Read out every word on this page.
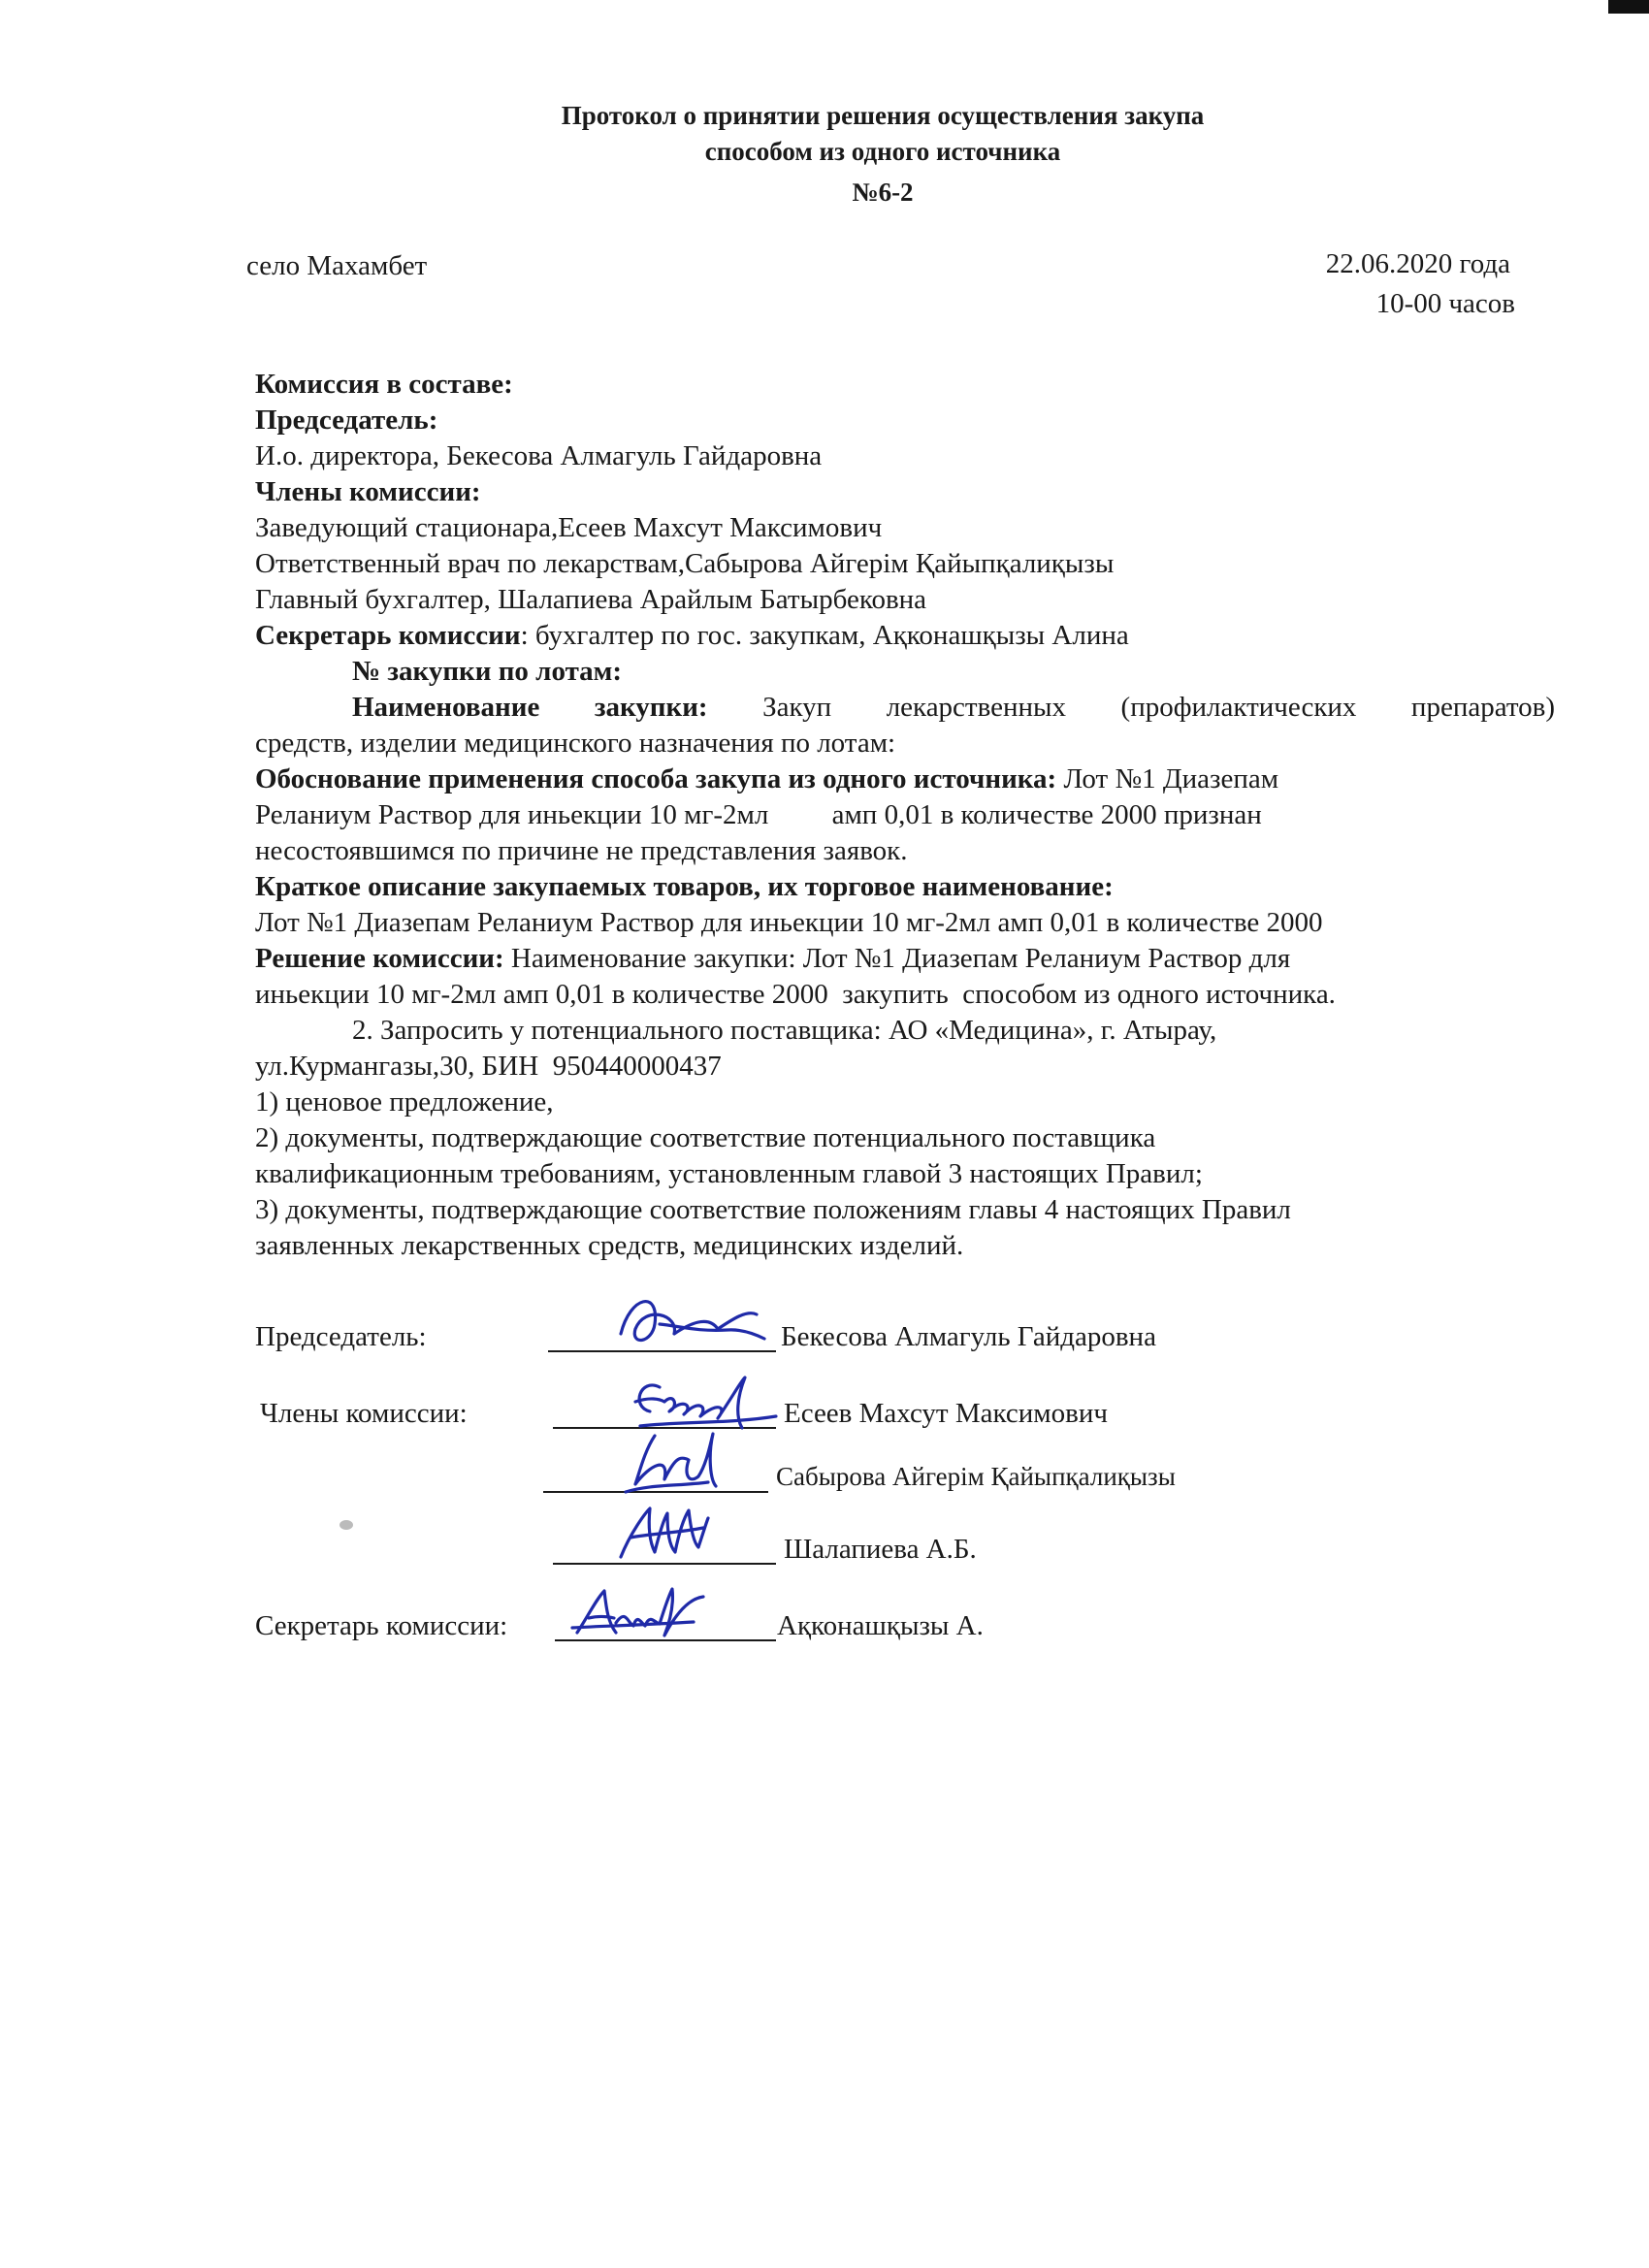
Протокол о принятии решения осуществления закупа
способом из одного источника
№6-2
село Махамбет	22.06.2020 года
10-00 часов
Комиссия в составе:
Председатель:
И.о. директора, Бекесова Алмагуль Гайдаровна
Члены комиссии:
Заведующий стационара,Есеев Махсут Максимович
Ответственный врач по лекарствам,Сабырова Айгерім Қайыпқалиқызы
Главный бухгалтер, Шалапиева Арайлым Батырбековна
Секретарь комиссии: бухгалтер по гос. закупкам, Ақконашқызы Алина
№ закупки по лотам:
Наименование закупки: Закуп лекарственных (профилактических препаратов)
средств, изделии медицинского назначения по лотам:
Обоснование применения способа закупа из одного источника: Лот №1 Диазепам
Реланиум Раствор для иньекции 10 мг-2мл         амп 0,01 в количестве 2000 признан
несостоявшимся по причине не представления заявок.
Краткое описание закупаемых товаров, их торговое наименование:
Лот №1 Диазепам Реланиум Раствор для иньекции 10 мг-2мл амп 0,01 в количестве 2000
Решение комиссии: Наименование закупки: Лот №1 Диазепам Реланиум Раствор для
иньекции 10 мг-2мл амп 0,01 в количестве 2000  закупить  способом из одного источника.
2. Запросить у потенциального поставщика: АО «Медицина», г. Атырау,
ул.Курмангазы,30, БИН  950440000437
1) ценовое предложение,
2) документы, подтверждающие соответствие потенциального поставщика
квалификационным требованиям, установленным главой 3 настоящих Правил;
3) документы, подтверждающие соответствие положениям главы 4 настоящих Правил
заявленных лекарственных средств, медицинских изделий.
Председатель:	Бекесова Алмагуль Гайдаровна
Члены комиссии:	Есеев Махсут Максимович
Сабырова Айгерім Қайыпқалиқызы
Шалапиева А.Б.
Секретарь комиссии:	Ақконашқызы А.
